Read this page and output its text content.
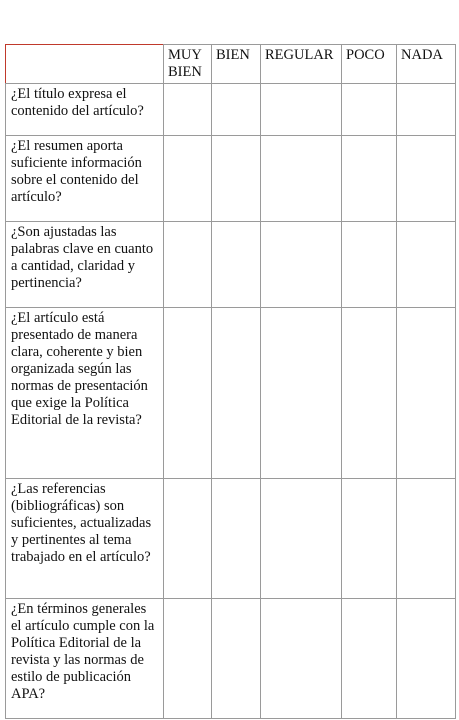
	MUY BIEN	BIEN	REGULAR	POCO	NADA
¿El título expresa el contenido del artículo?					
¿El resumen aporta suficiente información sobre el contenido del artículo?					
¿Son ajustadas las palabras clave en cuanto a cantidad, claridad y pertinencia?					
¿El artículo está presentado de manera clara, coherente y bien organizada según las normas de presentación que exige la Política Editorial de la revista?					
¿Las referencias (bibliográficas) son suficientes, actualizadas y pertinentes al tema trabajado en el artículo?					
¿En términos generales el artículo cumple con la Política Editorial de la revista y las normas de estilo de publicación APA?					
